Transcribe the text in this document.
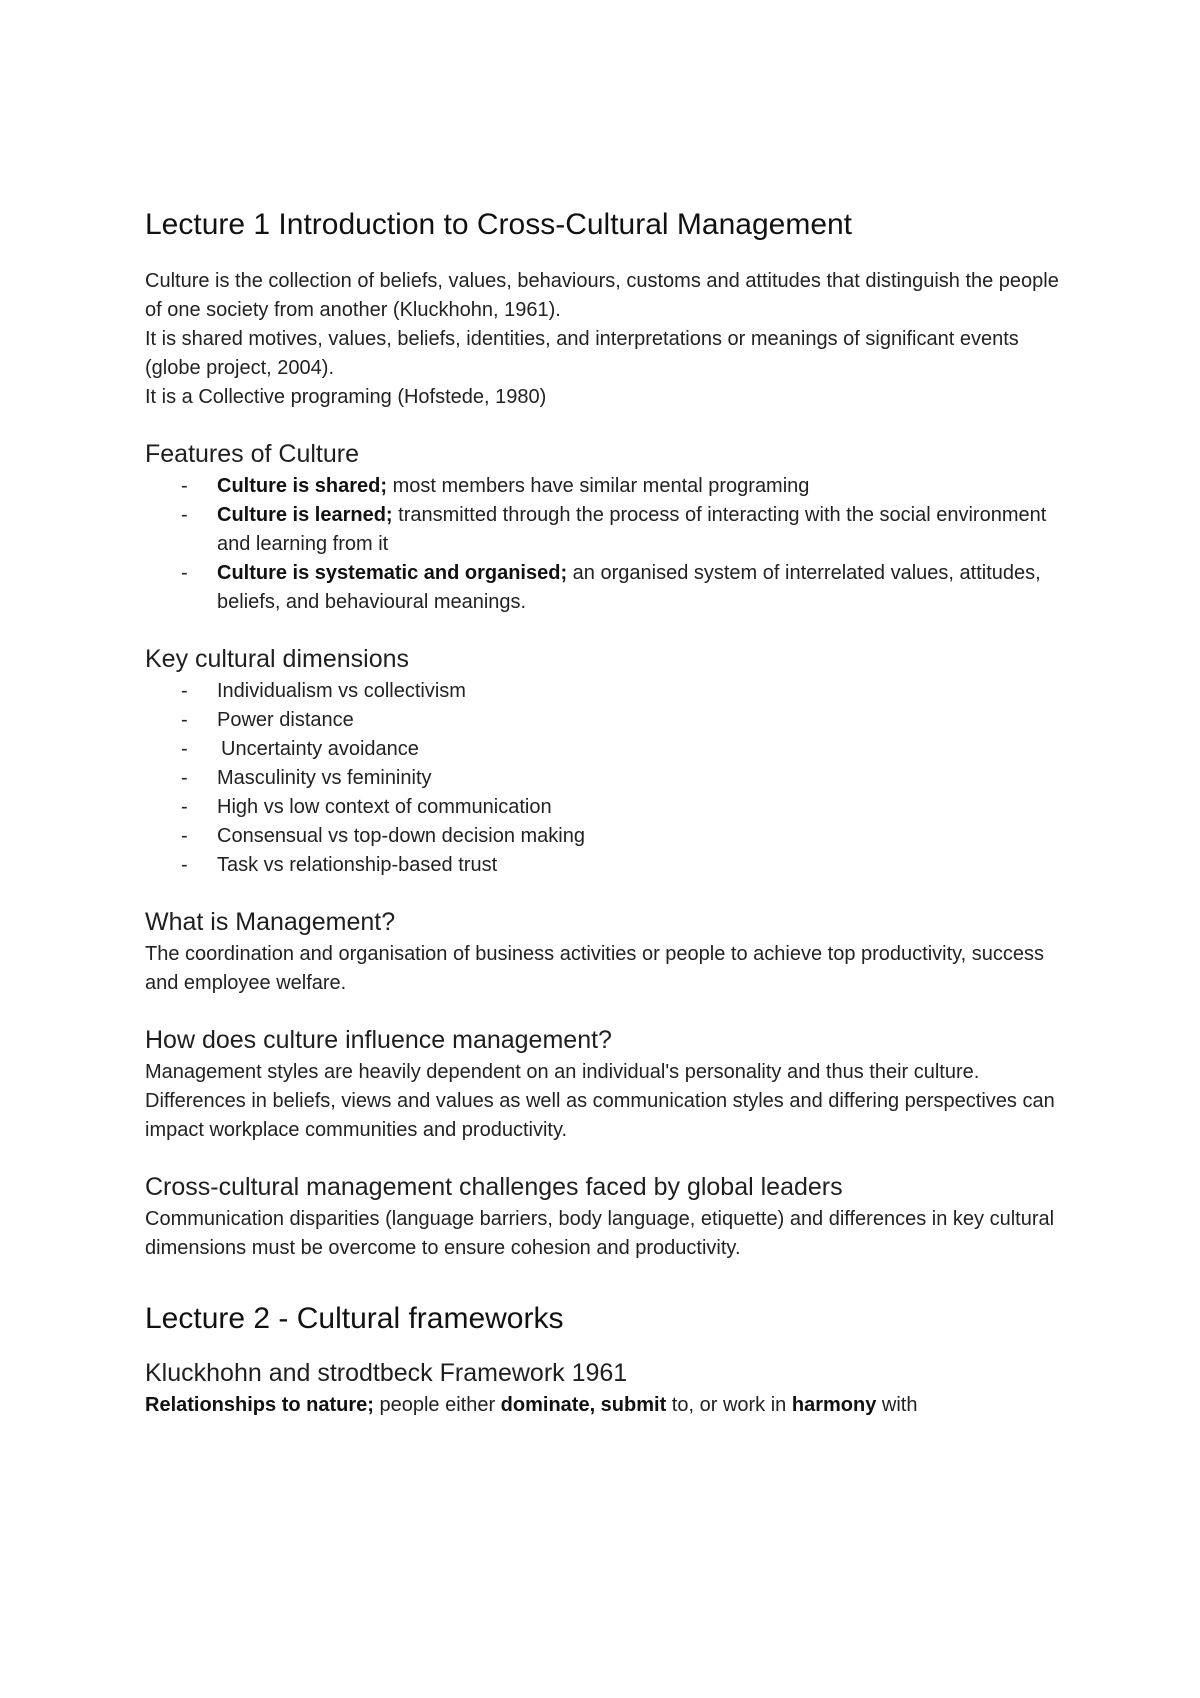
Lecture 1 Introduction to Cross-Cultural Management

Culture is the collection of beliefs, values, behaviours, customs and attitudes that distinguish the people of one society from another (Kluckhohn, 1961).

It is shared motives, values, beliefs, identities, and interpretations or meanings of significant events (globe project, 2004).

It is a Collective programing (Hofstede, 1980)

Features of Culture
- Culture is shared; most members have similar mental programing
- Culture is learned; transmitted through the process of interacting with the social environment and learning from it
- Culture is systematic and organised; an organised system of interrelated values, attitudes, beliefs, and behavioural meanings.
Key cultural dimensions
- Individualism vs collectivism
- Power distance
- Uncertainty avoidance
- Masculinity vs femininity
- High vs low context of communication
- Consensual vs top-down decision making
- Task vs relationship-based trust
What is Management?

The coordination and organisation of business activities or people to achieve top productivity, success and employee welfare.

How does culture influence management?

Management styles are heavily dependent on an individual's personality and thus their culture. Differences in beliefs, views and values as well as communication styles and differing perspectives can impact workplace communities and productivity.

Cross-cultural management challenges faced by global leaders

Communication disparities (language barriers, body language, etiquette) and differences in key cultural dimensions must be overcome to ensure cohesion and productivity.

Lecture 2 - Cultural frameworks
Kluckhohn and strodtbeck Framework 1961

Relationships to nature; people either dominate, submit to, or work in harmony with
